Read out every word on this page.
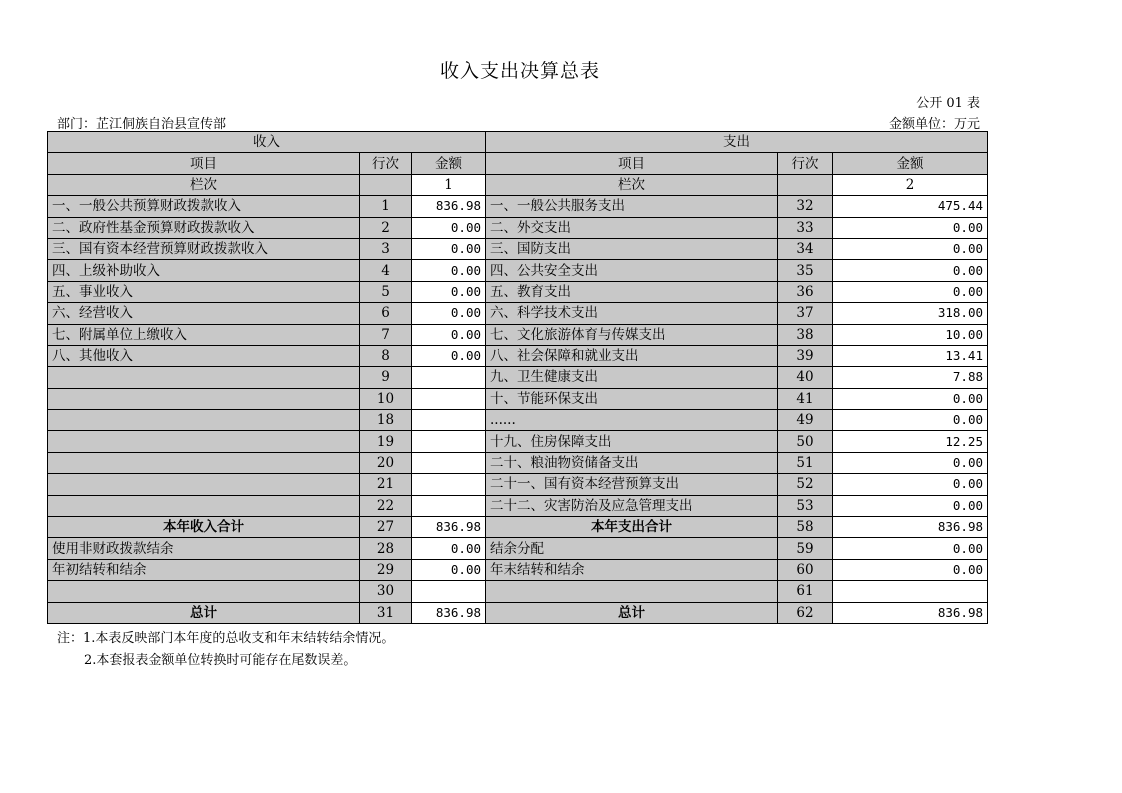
收入支出决算总表
公开 01 表
部门：芷江侗族自治县宣传部	金额单位：万元
收入			支出		
项目	行次	金额	项目	行次	金额
栏次		1	栏次		2
一、一般公共预算财政拨款收入	1	836.98	一、一般公共服务支出	32	475.44
二、政府性基金预算财政拨款收入	2	0.00	二、外交支出	33	0.00
三、国有资本经营预算财政拨款收入	3	0.00	三、国防支出	34	0.00
四、上级补助收入	4	0.00	四、公共安全支出	35	0.00
五、事业收入	5	0.00	五、教育支出	36	0.00
六、经营收入	6	0.00	六、科学技术支出	37	318.00
七、附属单位上缴收入	7	0.00	七、文化旅游体育与传媒支出	38	10.00
八、其他收入	8	0.00	八、社会保障和就业支出	39	13.41
	9		九、卫生健康支出	40	7.88
	10		十、节能环保支出	41	0.00
	18		......	49	0.00
	19		十九、住房保障支出	50	12.25
	20		二十、粮油物资储备支出	51	0.00
	21		二十一、国有资本经营预算支出	52	0.00
	22		二十二、灾害防治及应急管理支出	53	0.00
本年收入合计	27	836.98	本年支出合计	58	836.98
使用非财政拨款结余	28	0.00	结余分配	59	0.00
年初结转和结余	29	0.00	年末结转和结余	60	0.00
	30			61	
总计	31	836.98	总计	62	836.98
注：1.本表反映部门本年度的总收支和年末结转结余情况。
2.本套报表金额单位转换时可能存在尾数误差。
